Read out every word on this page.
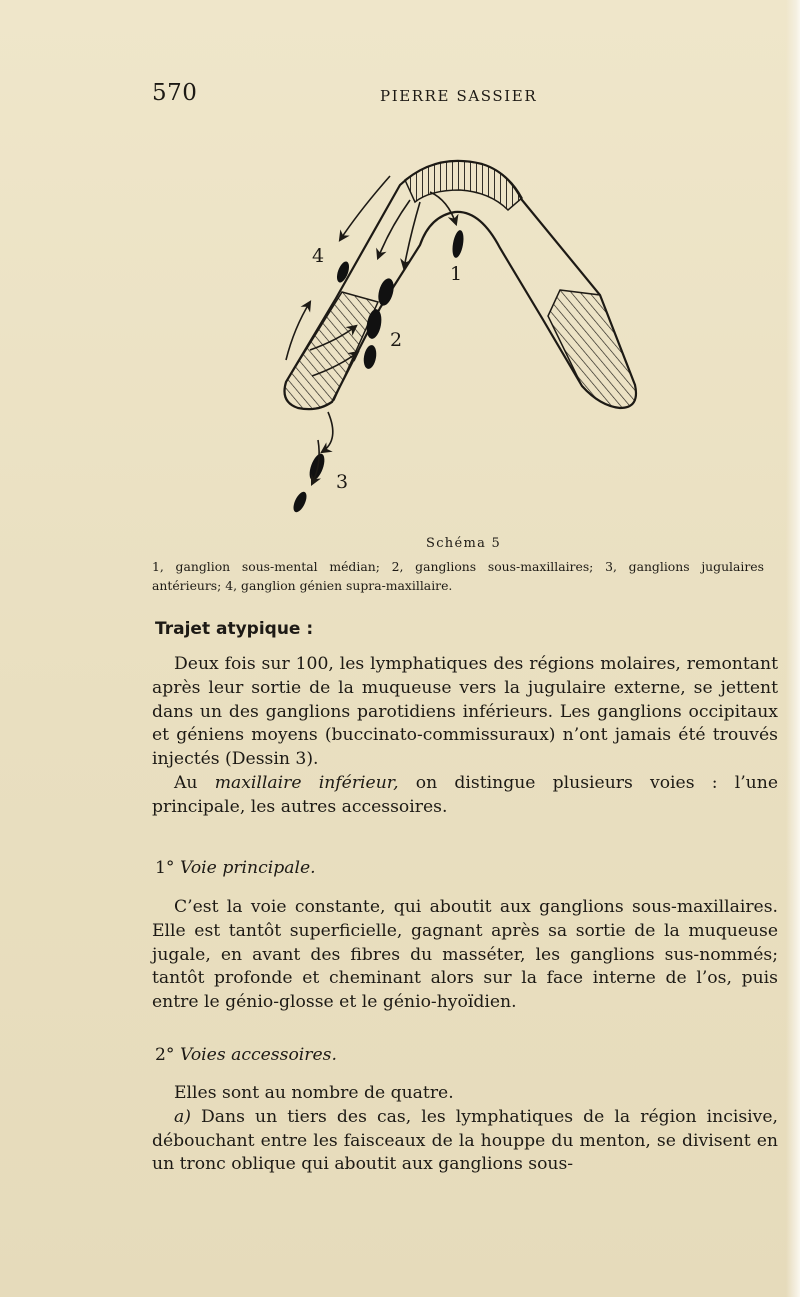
570	PIERRE SASSIER
1
2
3
4
Schéma 5
1, ganglion sous-mental médian; 2, ganglions sous-maxillaires; 3, ganglions jugulaires antérieurs; 4, ganglion génien supra-maxillaire.
Trajet atypique :

Deux fois sur 100, les lymphatiques des régions molaires, remontant après leur sortie de la muqueuse vers la jugulaire externe, se jettent dans un des ganglions parotidiens inférieurs. Les ganglions occipitaux et géniens moyens (buccinato-commissuraux) n’ont jamais été trouvés injectés (Dessin 3).

Au maxillaire inférieur, on distingue plusieurs voies : l’une principale, les autres accessoires.

1° Voie principale.

C’est la voie constante, qui aboutit aux ganglions sous-maxillaires. Elle est tantôt superficielle, gagnant après sa sortie de la muqueuse jugale, en avant des fibres du masséter, les ganglions sus-nommés; tantôt profonde et cheminant alors sur la face interne de l’os, puis entre le génio-glosse et le génio-hyoïdien.

2° Voies accessoires.

Elles sont au nombre de quatre.

a) Dans un tiers des cas, les lymphatiques de la région incisive, débouchant entre les faisceaux de la houppe du menton, se divisent en un tronc oblique qui aboutit aux ganglions sous-
